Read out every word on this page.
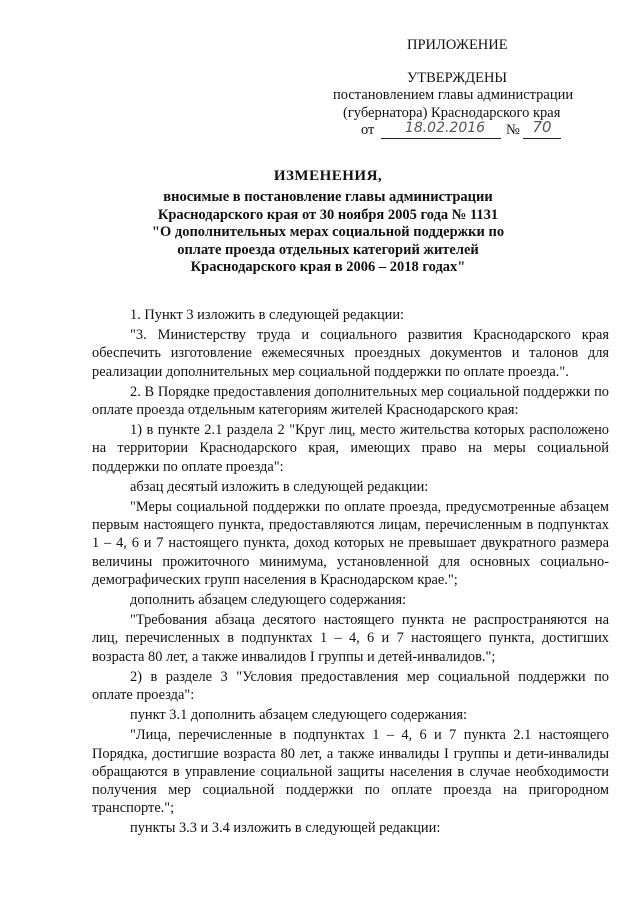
ПРИЛОЖЕНИЕ
УТВЕРЖДЕНЫ
постановлением главы администрации
(губернатора) Краснодарского края
от	18.02.2016	№ 70
ИЗМЕНЕНИЯ,
вносимые в постановление главы администрации
Краснодарского края от 30 ноября 2005 года № 1131
"О дополнительных мерах социальной поддержки по
оплате проезда отдельных категорий жителей
Краснодарского края в 2006 – 2018 годах"

1. Пункт 3 изложить в следующей редакции:

"3. Министерству труда и социального развития Краснодарского края обеспечить изготовление ежемесячных проездных документов и талонов для реализации дополнительных мер социальной поддержки по оплате проезда.".

2. В Порядке предоставления дополнительных мер социальной поддержки по оплате проезда отдельным категориям жителей Краснодарского края:

1) в пункте 2.1 раздела 2 "Круг лиц, место жительства которых расположено на территории Краснодарского края, имеющих право на меры социальной поддержки по оплате проезда":

абзац десятый изложить в следующей редакции:

"Меры социальной поддержки по оплате проезда, предусмотренные абзацем первым настоящего пункта, предоставляются лицам, перечисленным в подпунктах 1 – 4, 6 и 7 настоящего пункта, доход которых не превышает двукратного размера величины прожиточного минимума, установленной для основных социально-демографических групп населения в Краснодарском крае.";

дополнить абзацем следующего содержания:

"Требования абзаца десятого настоящего пункта не распространяются на лиц, перечисленных в подпунктах 1 – 4, 6 и 7 настоящего пункта, достигших возраста 80 лет, а также инвалидов I группы и детей-инвалидов.";

2) в разделе 3 "Условия предоставления мер социальной поддержки по оплате проезда":

пункт 3.1 дополнить абзацем следующего содержания:

"Лица, перечисленные в подпунктах 1 – 4, 6 и 7 пункта 2.1 настоящего Порядка, достигшие возраста 80 лет, а также инвалиды I группы и дети-инвалиды обращаются в управление социальной защиты населения в случае необходимости получения мер социальной поддержки по оплате проезда на пригородном транспорте.";

пункты 3.3 и 3.4 изложить в следующей редакции:
